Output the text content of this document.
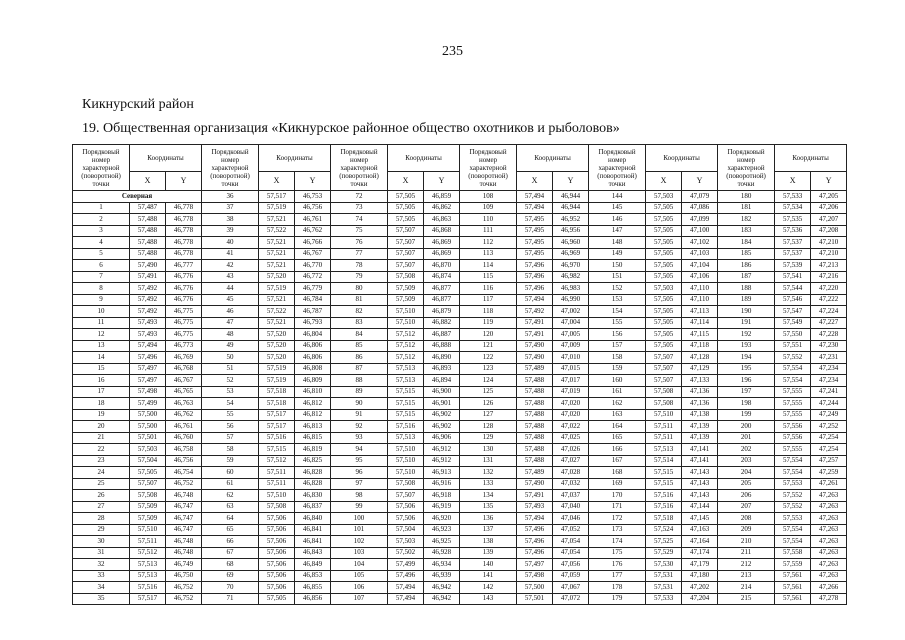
235
Кикнурский район
19. Общественная организация «Кикнурское районное общество охотников и рыболовов»
Порядковый номер характерной (поворотной) точки	Координаты		Порядковый номер характерной (поворотной) точки	Координаты		Порядковый номер характерной (поворотной) точки	Координаты		Порядковый номер характерной (поворотной) точки	Координаты		Порядковый номер характерной (поворотной) точки	Координаты		Порядковый номер характерной (поворотной) точки	Координаты	
	X	Y		X	Y		X	Y		X	Y		X	Y		X	Y
Северная			36	57,517	46,753	72	57,505	46,859	108	57,494	46,944	144	57,503	47,079	180	57,533	47,205
1	57,487	46,778	37	57,519	46,756	73	57,505	46,862	109	57,494	46,944	145	57,505	47,086	181	57,534	47,206
2	57,488	46,778	38	57,521	46,761	74	57,505	46,863	110	57,495	46,952	146	57,505	47,099	182	57,535	47,207
3	57,488	46,778	39	57,522	46,762	75	57,507	46,868	111	57,495	46,956	147	57,505	47,100	183	57,536	47,208
4	57,488	46,778	40	57,521	46,766	76	57,507	46,869	112	57,495	46,960	148	57,505	47,102	184	57,537	47,210
5	57,488	46,778	41	57,521	46,767	77	57,507	46,869	113	57,495	46,969	149	57,505	47,103	185	57,537	47,210
6	57,490	46,777	42	57,521	46,770	78	57,507	46,870	114	57,496	46,970	150	57,505	47,104	186	57,539	47,213
7	57,491	46,776	43	57,520	46,772	79	57,508	46,874	115	57,496	46,982	151	57,505	47,106	187	57,541	47,216
8	57,492	46,776	44	57,519	46,779	80	57,509	46,877	116	57,496	46,983	152	57,503	47,110	188	57,544	47,220
9	57,492	46,776	45	57,521	46,784	81	57,509	46,877	117	57,494	46,990	153	57,505	47,110	189	57,546	47,222
10	57,492	46,775	46	57,522	46,787	82	57,510	46,879	118	57,492	47,002	154	57,505	47,113	190	57,547	47,224
11	57,493	46,775	47	57,521	46,793	83	57,510	46,882	119	57,491	47,004	155	57,505	47,114	191	57,549	47,227
12	57,493	46,775	48	57,520	46,804	84	57,512	46,887	120	57,491	47,005	156	57,505	47,115	192	57,550	47,228
13	57,494	46,773	49	57,520	46,806	85	57,512	46,888	121	57,490	47,009	157	57,505	47,118	193	57,551	47,230
14	57,496	46,769	50	57,520	46,806	86	57,512	46,890	122	57,490	47,010	158	57,507	47,128	194	57,552	47,231
15	57,497	46,768	51	57,519	46,808	87	57,513	46,893	123	57,489	47,015	159	57,507	47,129	195	57,554	47,234
16	57,497	46,767	52	57,519	46,809	88	57,513	46,894	124	57,488	47,017	160	57,507	47,133	196	57,554	47,234
17	57,498	46,765	53	57,518	46,810	89	57,515	46,900	125	57,488	47,019	161	57,508	47,136	197	57,555	47,241
18	57,499	46,763	54	57,518	46,812	90	57,515	46,901	126	57,488	47,020	162	57,508	47,136	198	57,555	47,244
19	57,500	46,762	55	57,517	46,812	91	57,515	46,902	127	57,488	47,020	163	57,510	47,138	199	57,555	47,249
20	57,500	46,761	56	57,517	46,813	92	57,516	46,902	128	57,488	47,022	164	57,511	47,139	200	57,556	47,252
21	57,501	46,760	57	57,516	46,815	93	57,513	46,906	129	57,488	47,025	165	57,511	47,139	201	57,556	47,254
22	57,503	46,758	58	57,515	46,819	94	57,510	46,912	130	57,488	47,026	166	57,513	47,141	202	57,555	47,254
23	57,504	46,756	59	57,512	46,825	95	57,510	46,912	131	57,488	47,027	167	57,514	47,141	203	57,554	47,257
24	57,505	46,754	60	57,511	46,828	96	57,510	46,913	132	57,489	47,028	168	57,515	47,143	204	57,554	47,259
25	57,507	46,752	61	57,511	46,828	97	57,508	46,916	133	57,490	47,032	169	57,515	47,143	205	57,553	47,261
26	57,508	46,748	62	57,510	46,830	98	57,507	46,918	134	57,491	47,037	170	57,516	47,143	206	57,552	47,263
27	57,509	46,747	63	57,508	46,837	99	57,506	46,919	135	57,493	47,040	171	57,516	47,144	207	57,552	47,263
28	57,509	46,747	64	57,506	46,840	100	57,506	46,920	136	57,494	47,046	172	57,518	47,145	208	57,553	47,263
29	57,510	46,747	65	57,506	46,841	101	57,504	46,923	137	57,496	47,052	173	57,524	47,163	209	57,554	47,263
30	57,511	46,748	66	57,506	46,841	102	57,503	46,925	138	57,496	47,054	174	57,525	47,164	210	57,554	47,263
31	57,512	46,748	67	57,506	46,843	103	57,502	46,928	139	57,496	47,054	175	57,529	47,174	211	57,558	47,263
32	57,513	46,749	68	57,506	46,849	104	57,499	46,934	140	57,497	47,056	176	57,530	47,179	212	57,559	47,263
33	57,513	46,750	69	57,506	46,853	105	57,496	46,939	141	57,498	47,059	177	57,531	47,180	213	57,561	47,263
34	57,516	46,752	70	57,506	46,855	106	57,494	46,942	142	57,500	47,067	178	57,531	47,202	214	57,561	47,266
35	57,517	46,752	71	57,505	46,856	107	57,494	46,942	143	57,501	47,072	179	57,533	47,204	215	57,561	47,278
